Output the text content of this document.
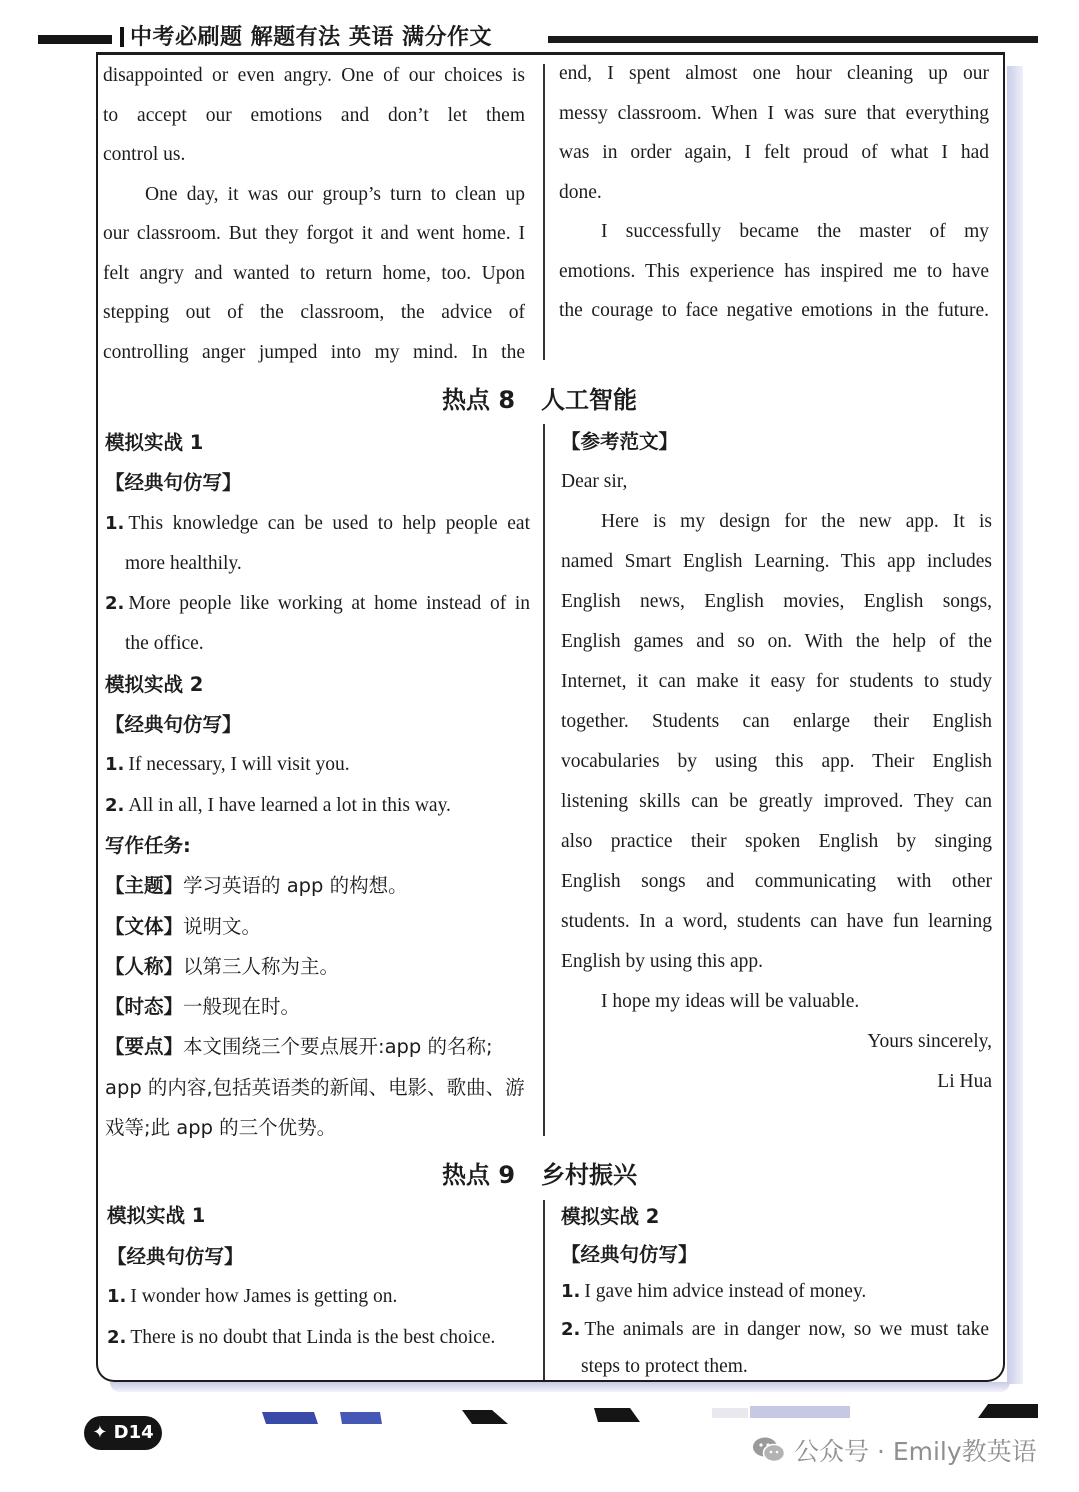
中考必刷题 解题有法 英语 满分作文
disappointed or even angry. One of our choices is
to accept our emotions and don’t let them
control us.
One day, it was our group’s turn to clean up
our classroom. But they forgot it and went home. I
felt angry and wanted to return home, too. Upon
stepping out of the classroom, the advice of
controlling anger jumped into my mind. In the
end, I spent almost one hour cleaning up our
messy classroom. When I was sure that everything
was in order again, I felt proud of what I had
done.
I successfully became the master of my
emotions. This experience has inspired me to have
the courage to face negative emotions in the future.
热点 8 人工智能
模拟实战 1
【经典句仿写】
1. This knowledge can be used to help people eat
more healthily.
2. More people like working at home instead of in
the office.
模拟实战 2
【经典句仿写】
1. If necessary, I will visit you.
2. All in all, I have learned a lot in this way.
写作任务:
【主题】学习英语的 app 的构想。
【文体】说明文。
【人称】以第三人称为主。
【时态】一般现在时。
【要点】本文围绕三个要点展开:app 的名称;
app 的内容,包括英语类的新闻、电影、歌曲、游
戏等;此 app 的三个优势。
【参考范文】
Dear sir,
Here is my design for the new app. It is
named Smart English Learning. This app includes
English news, English movies, English songs,
English games and so on. With the help of the
Internet, it can make it easy for students to study
together. Students can enlarge their English
vocabularies by using this app. Their English
listening skills can be greatly improved. They can
also practice their spoken English by singing
English songs and communicating with other
students. In a word, students can have fun learning
English by using this app.
I hope my ideas will be valuable.
Yours sincerely,
Li Hua
热点 9 乡村振兴
模拟实战 1
【经典句仿写】
1. I wonder how James is getting on.
2. There is no doubt that Linda is the best choice.
模拟实战 2
【经典句仿写】
1. I gave him advice instead of money.
2. The animals are in danger now, so we must take
steps to protect them.
✦ D14
公众号 · Emily教英语
